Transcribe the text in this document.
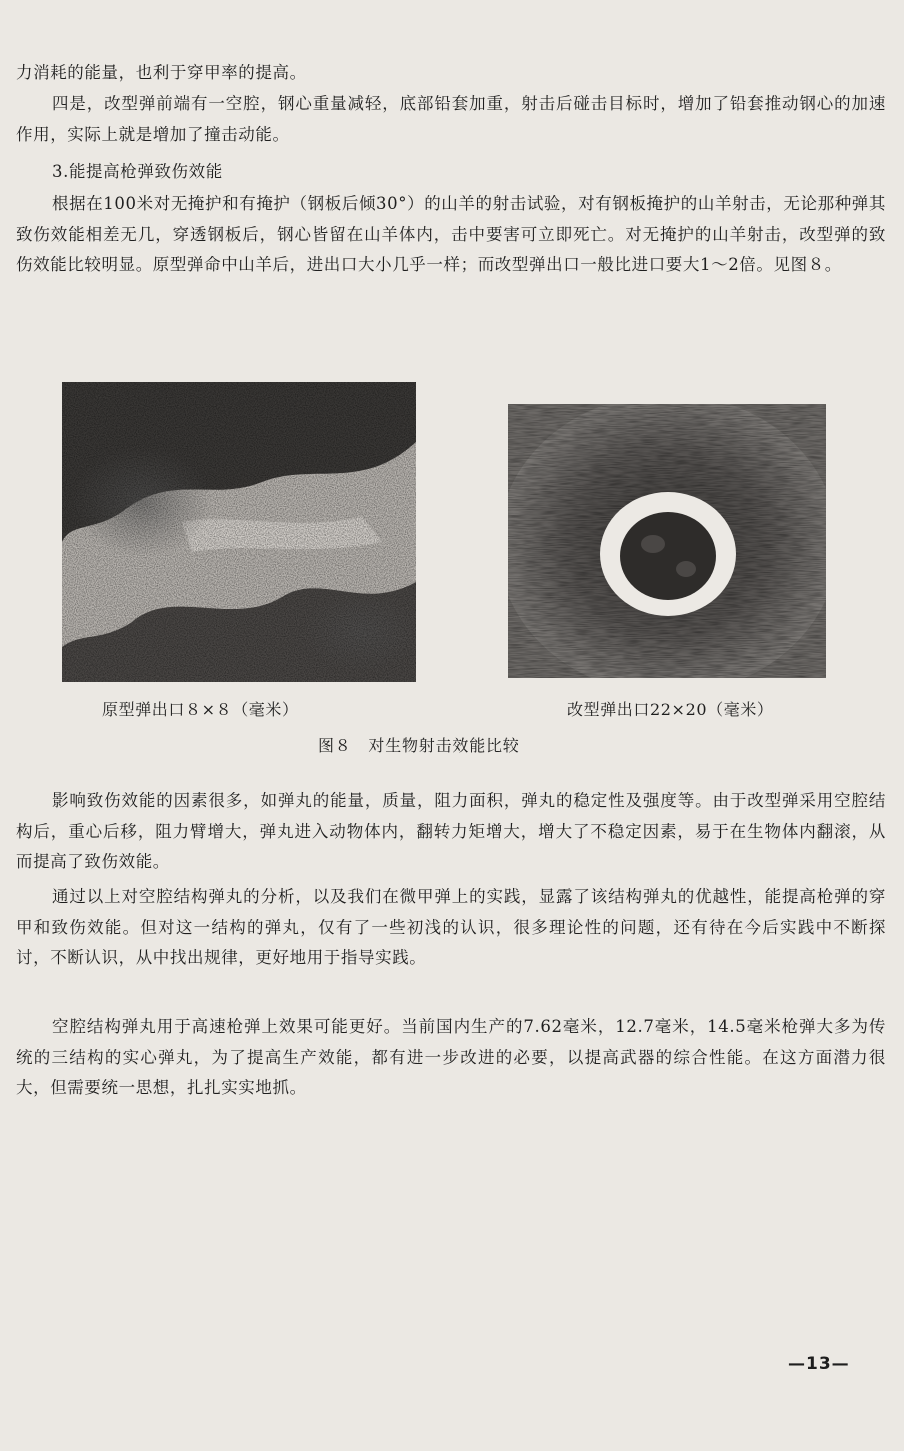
力消耗的能量，也利于穿甲率的提高。

四是，改型弹前端有一空腔，钢心重量减轻，底部铅套加重，射击后碰击目标时，增加了铅套推动钢心的加速作用，实际上就是增加了撞击动能。

3.能提高枪弹致伤效能

根据在100米对无掩护和有掩护（钢板后倾30°）的山羊的射击试验，对有钢板掩护的山羊射击，无论那种弹其致伤效能相差无几，穿透钢板后，钢心皆留在山羊体内，击中要害可立即死亡。对无掩护的山羊射击，改型弹的致伤效能比较明显。原型弹命中山羊后，进出口大小几乎一样；而改型弹出口一般比进口要大1～2倍。见图８。

原型弹出口８×８（毫米）	改型弹出口22×20（毫米）
图８　对生物射击效能比较

影响致伤效能的因素很多，如弹丸的能量，质量，阻力面积，弹丸的稳定性及强度等。由于改型弹采用空腔结构后，重心后移，阻力臂增大，弹丸进入动物体内，翻转力矩增大，增大了不稳定因素，易于在生物体内翻滚，从而提高了致伤效能。

通过以上对空腔结构弹丸的分析，以及我们在微甲弹上的实践，显露了该结构弹丸的优越性，能提高枪弹的穿甲和致伤效能。但对这一结构的弹丸，仅有了一些初浅的认识，很多理论性的问题，还有待在今后实践中不断探讨，不断认识，从中找出规律，更好地用于指导实践。

空腔结构弹丸用于高速枪弹上效果可能更好。当前国内生产的7.62毫米，12.7毫米，14.5毫米枪弹大多为传统的三结构的实心弹丸，为了提高生产效能，都有进一步改进的必要，以提高武器的综合性能。在这方面潜力很大，但需要统一思想，扎扎实实地抓。

—13—
